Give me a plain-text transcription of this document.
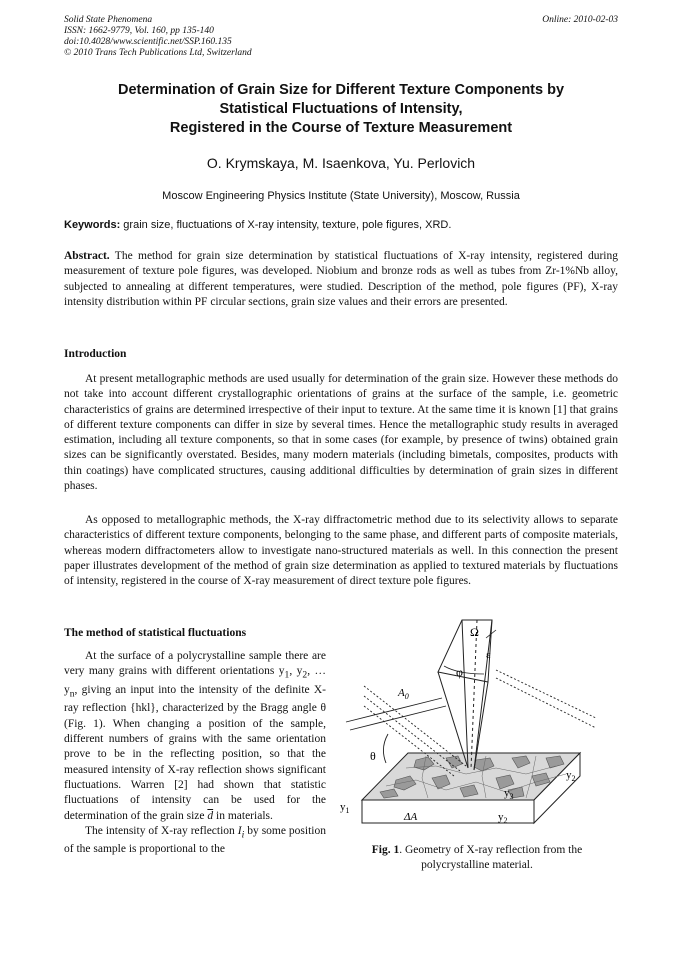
Solid State Phenomena
ISSN: 1662-9779, Vol. 160, pp 135-140
doi:10.4028/www.scientific.net/SSP.160.135
© 2010 Trans Tech Publications Ltd, Switzerland
Online: 2010-02-03
Determination of Grain Size for Different Texture Components by
Statistical Fluctuations of Intensity,
Registered in the Course of Texture Measurement
O. Krymskaya, M. Isaenkova, Yu. Perlovich
Moscow Engineering Physics Institute (State University), Moscow, Russia
Keywords: grain size, fluctuations of X-ray intensity, texture, pole figures, XRD.
Abstract. The method for grain size determination by statistical fluctuations of X-ray intensity, registered during measurement of texture pole figures, was developed. Niobium and bronze rods as well as tubes from Zr-1%Nb alloy, subjected to annealing at different temperatures, were studied. Description of the method, pole figures (PF), X-ray intensity distribution within PF circular sections, grain size values and their errors are presented.
Introduction
At present metallographic methods are used usually for determination of the grain size. However these methods do not take into account different crystallographic orientations of grains at the surface of the sample, i.e. geometric characteristics of grains are determined irrespective of their input to texture. At the same time it is known [1] that grains of different texture components can differ in size by several times. Hence the metallographic study results in averaged estimation, including all texture components, so that in some cases (for example, by presence of twins) obtained grain sizes can be significantly overstated. Besides, many modern materials (including bimetals, composites, products with thin coatings) have complicated structures, causing additional difficulties by determination of grain sizes in different phases.
As opposed to metallographic methods, the X-ray diffractometric method due to its selectivity allows to separate characteristics of different texture components, belonging to the same phase, and different parts of composite materials, whereas modern diffractometers allow to investigate nano-structured materials as well. In this connection the present paper illustrates development of the method of grain size determination as applied to textured materials by fluctuations of intensity, registered in the course of X-ray measurement of direct texture pole figures.
The method of statistical fluctuations
At the surface of a polycrystalline sample there are very many grains with different orientations $y_1$, $y_2$, … $y_n$, giving an input into the intensity of the definite X-ray reflection {hkl}, characterized by the Bragg angle θ (Fig. 1). When changing a position of the sample, different numbers of grains with the same orientation prove to be in the reflecting position, so that the measured intensity of X-ray reflection shows significant fluctuations. Warren [2] had shown that statistic fluctuations of intensity can be used for the determination of the grain size $\overline{d}$ in materials.
The intensity of X-ray reflection $I_i$ by some position of the sample is proportional to the
Ω
ε
φ
$A_0$
θ
$y_2$
$y_3$
$y_1$
ΔA	$y_2$
Fig. 1. Geometry of X-ray reflection from the polycrystalline material.
